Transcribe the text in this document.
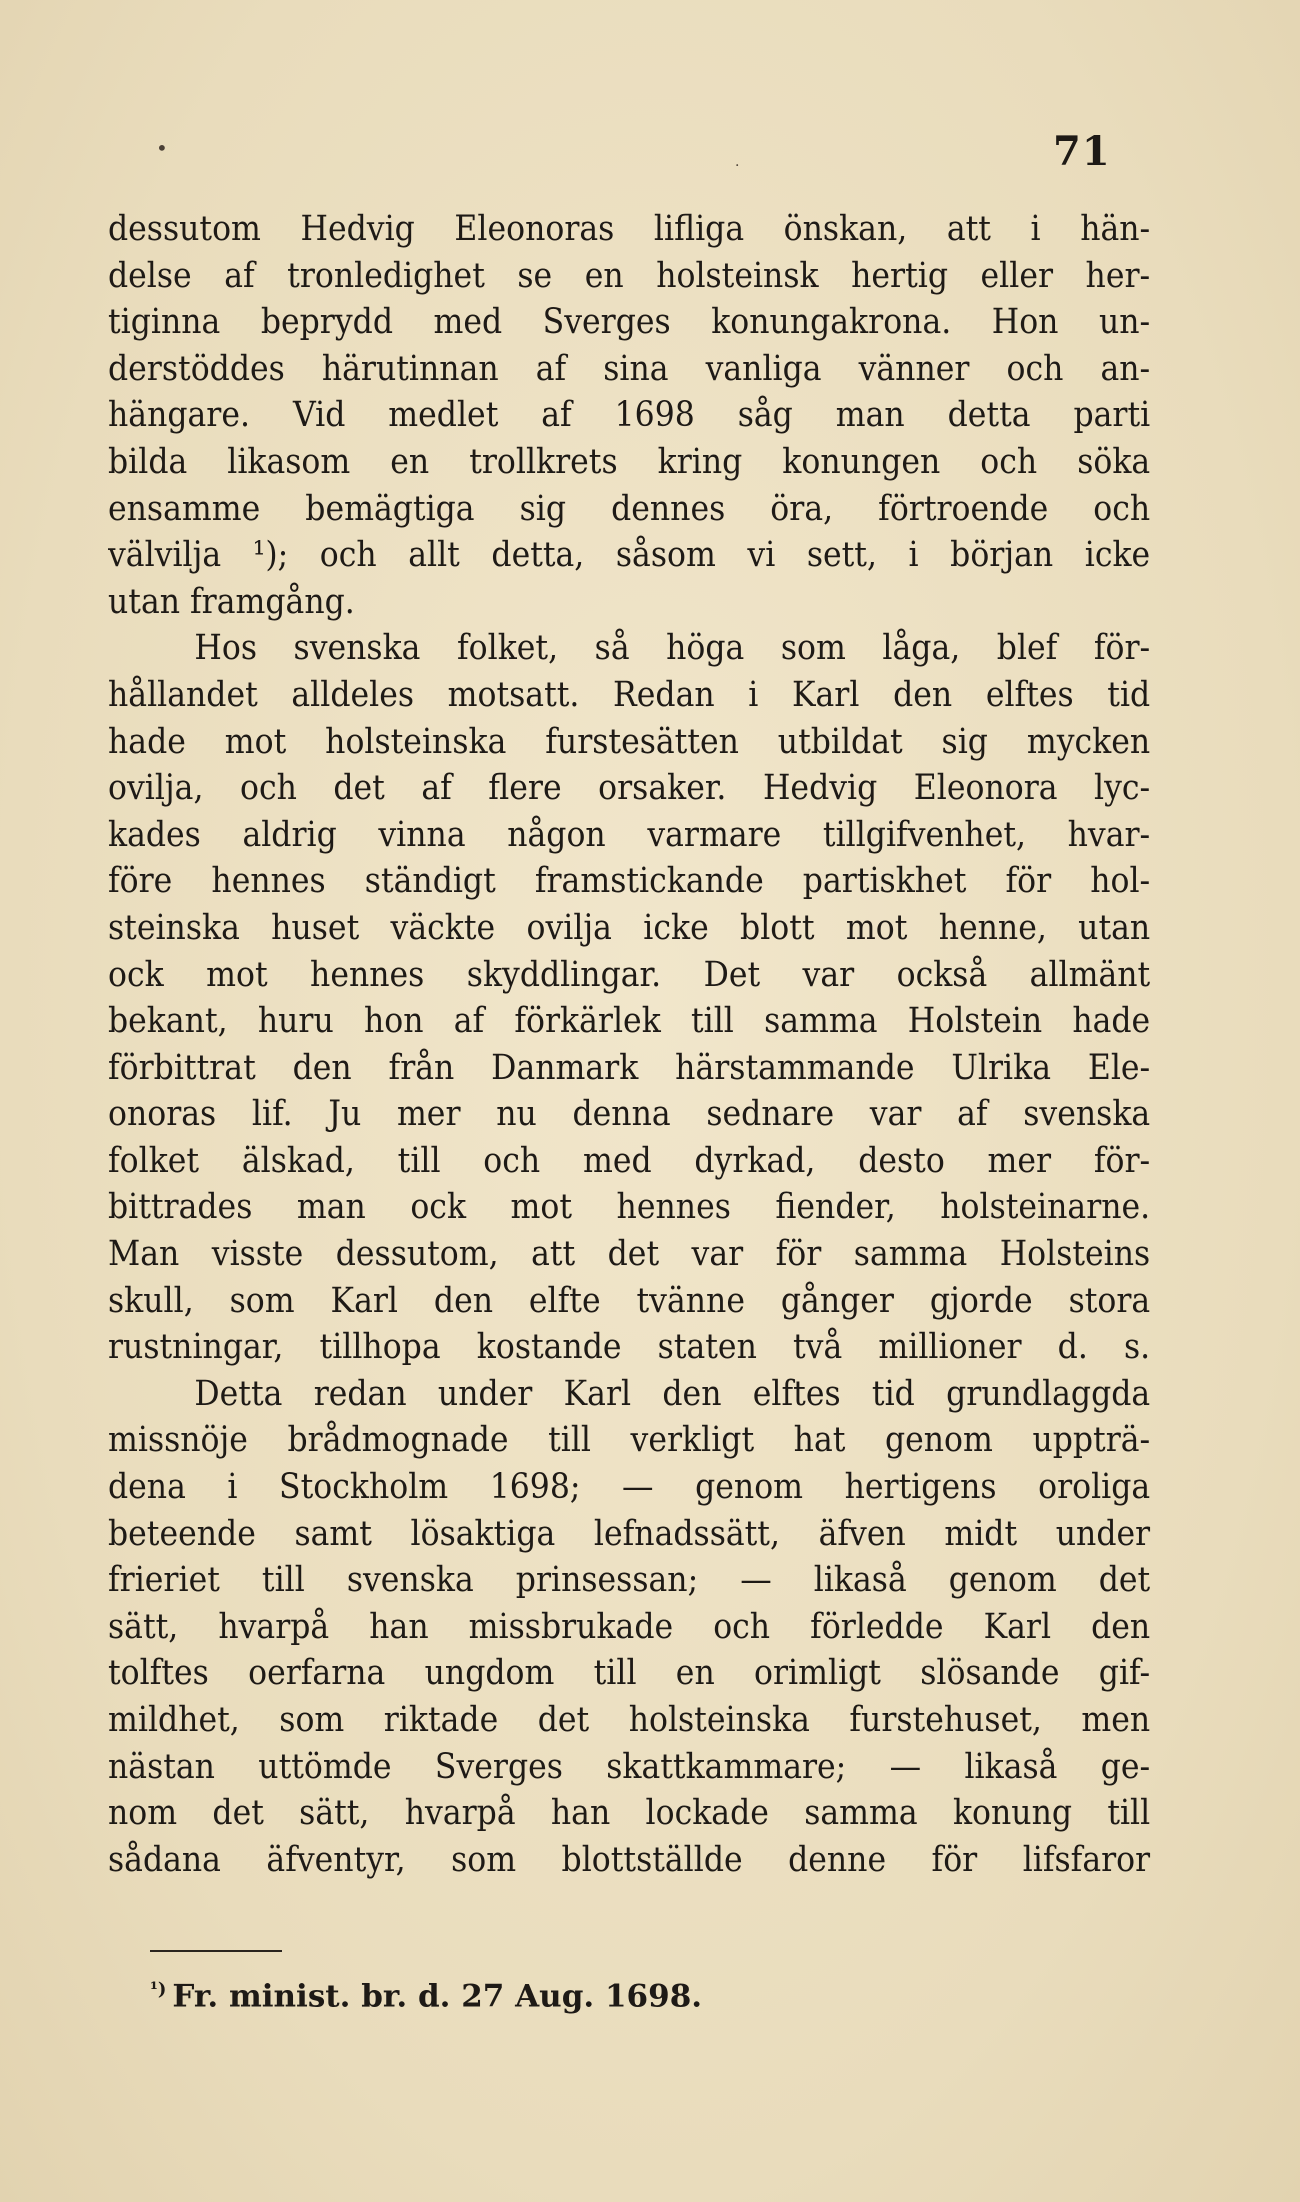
•
·	71
dessutom Hedvig Eleonoras lifliga önskan, att i hän-
delse af tronledighet se en holsteinsk hertig eller her-
tiginna beprydd med Sverges konungakrona. Hon un-
derstöddes härutinnan af sina vanliga vänner och an-
hängare. Vid medlet af 1698 såg man detta parti
bilda likasom en trollkrets kring konungen och söka
ensamme bemägtiga sig dennes öra, förtroende och
välvilja ¹); och allt detta, såsom vi sett, i början icke
utan framgång.
Hos svenska folket, så höga som låga, blef för-
hållandet alldeles motsatt. Redan i Karl den elftes tid
hade mot holsteinska furstesätten utbildat sig mycken
ovilja, och det af flere orsaker. Hedvig Eleonora lyc-
kades aldrig vinna någon varmare tillgifvenhet, hvar-
före hennes ständigt framstickande partiskhet för hol-
steinska huset väckte ovilja icke blott mot henne, utan
ock mot hennes skyddlingar. Det var också allmänt
bekant, huru hon af förkärlek till samma Holstein hade
förbittrat den från Danmark härstammande Ulrika Ele-
onoras lif. Ju mer nu denna sednare var af svenska
folket älskad, till och med dyrkad, desto mer för-
bittrades man ock mot hennes fiender, holsteinarne.
Man visste dessutom, att det var för samma Holsteins
skull, som Karl den elfte tvänne gånger gjorde stora
rustningar, tillhopa kostande staten två millioner d. s.
Detta redan under Karl den elftes tid grundlaggda
missnöje brådmognade till verkligt hat genom uppträ-
dena i Stockholm 1698; — genom hertigens oroliga
beteende samt lösaktiga lefnadssätt, äfven midt under
frieriet till svenska prinsessan; — likaså genom det
sätt, hvarpå han missbrukade och förledde Karl den
tolftes oerfarna ungdom till en orimligt slösande gif-
mildhet, som riktade det holsteinska furstehuset, men
nästan uttömde Sverges skattkammare; — likaså ge-
nom det sätt, hvarpå han lockade samma konung till
sådana äfventyr, som blottställde denne för lifsfaror
$^{^1)}$ Fr. minist. br. d. 27 Aug. 1698.
